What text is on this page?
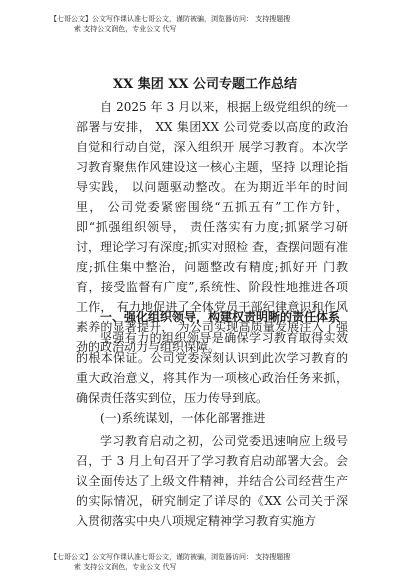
【七哥公文】公文写作课认准七哥公文，谨防被骗，浏览器访问： 支持搜题搜
索 支持公文润色，专业公文 代写
XX 集团 XX 公司专题工作总结

自 2025 年 3 月以来，根据上级党组织的统一部署与安排， XX 集团XX 公司党委以高度的政治自觉和行动自觉，深入组织开 展学习教育。本次学习教育聚焦作风建设这一核心主题，坚持 以理论指导实践， 以问题驱动整改。在为期近半年的时间里， 公司党委紧密围绕“五抓五有”工作方针，即“抓强组织领导， 责任落实有力度;抓紧学习研讨，理论学习有深度;抓实对照检 查，查摆问题有准度;抓住集中整治，问题整改有精度;抓好开 门教育，接受监督有广度”,系统性、阶段性地推进各项工作， 有力地促进了全体党员干部纪律意识和作风素养的显著提升， 为公司实现高质量发展注入了强劲的政治动力与组织保障。

一、强化组织领导，构建权责明晰的责任体系

坚强有力的组织领导是确保学习教育取得实效的根本保证。公司党委深刻认识到此次学习教育的重大政治意义，将其作为一项核心政治任务来抓，确保责任落实到位，压力传导到底。

(一)系统谋划，一体化部署推进

学习教育启动之初，公司党委迅速响应上级号召，于 3 月上旬召开了学习教育启动部署大会。会议全面传达了上级文件精神，并结合公司经营生产的实际情况，研究制定了详尽的《XX 公司关于深入贯彻落实中央八项规定精神学习教育实施方

【七哥公文】公文写作课认准七哥公文，谨防被骗，浏览器访问： 支持搜题搜
索 支持公文润色，专业公文 代写
